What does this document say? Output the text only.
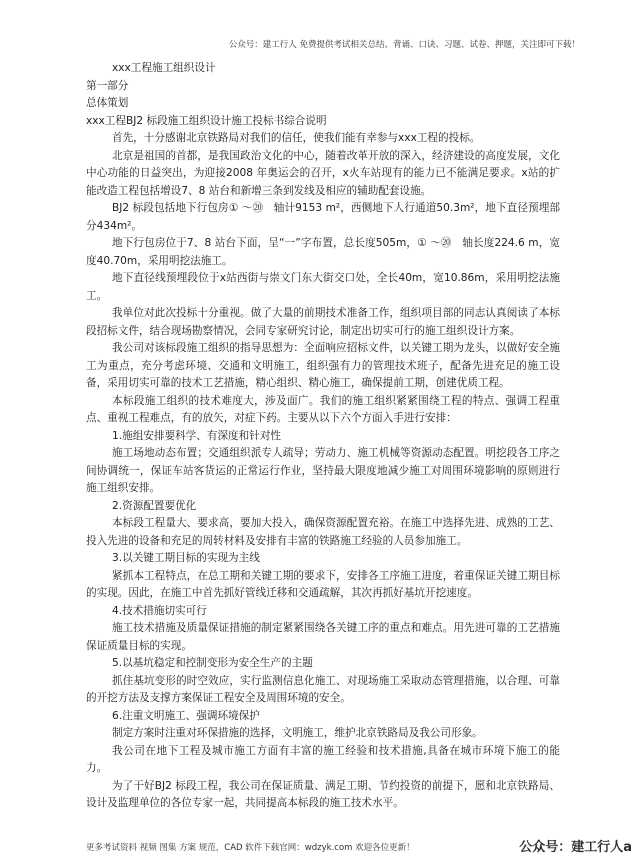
公众号：建工行人 免费提供考试相关总结、背诵、口诀、习题、试卷、押题，关注即可下载！

xxx工程施工组织设计

第一部分

总体策划

xxx工程BJ2 标段施工组织设计施工投标书综合说明

首先，十分感谢北京铁路局对我们的信任，使我们能有幸参与xxx工程的投标。

北京是祖国的首都，是我国政治文化的中心，随着改革开放的深入，经济建设的高度发展，文化中心功能的日益突出，为迎接2008 年奥运会的召开，x火车站现有的能力已不能满足要求。x站的扩能改造工程包括增设7、8 站台和新增三条到发线及相应的辅助配套设施。

BJ2 标段包括地下行包房① ～⑳　轴计9153 m²，西侧地下人行通道50.3m²，地下直径预埋部分434m²。

地下行包房位于7、8 站台下面，呈“一”字布置，总长度505m，① ～⑳　轴长度224.6 m，宽度40.70m，采用明挖法施工。

地下直径线预埋段位于x站西街与崇文门东大街交口处，全长40m，宽10.86m，采用明挖法施工。

我单位对此次投标十分重视。做了大量的前期技术准备工作，组织项目部的同志认真阅读了本标段招标文件，结合现场勘察情况，会同专家研究讨论，制定出切实可行的施工组织设计方案。

我公司对该标段施工组织的指导思想为：全面响应招标文件，以关键工期为龙头，以做好安全施工为重点，充分考虑环境、交通和文明施工，组织强有力的管理技术班子，配备先进充足的施工设备，采用切实可靠的技术工艺措施，精心组织、精心施工，确保提前工期，创建优质工程。

本标段施工组织的技术难度大，涉及面广。我们的施工组织紧紧围绕工程的特点、强调工程重点、重视工程难点，有的放矢，对症下药。主要从以下六个方面入手进行安排：

1.施组安排要科学、有深度和针对性

施工场地动态布置；交通组织派专人疏导；劳动力、施工机械等资源动态配置。明挖段各工序之间协调统一，保证车站客货运的正常运行作业，坚持最大限度地减少施工对周围环境影响的原则进行施工组织安排。

2.资源配置要优化

本标段工程量大、要求高，要加大投入，确保资源配置充裕。在施工中选择先进、成熟的工艺、投入先进的设备和充足的周转材料及安排有丰富的铁路施工经验的人员参加施工。

3.以关键工期目标的实现为主线

紧抓本工程特点，在总工期和关键工期的要求下，安排各工序施工进度，着重保证关键工期目标的实现。因此，在施工中首先抓好管线迁移和交通疏解，其次再抓好基坑开挖速度。

4.技术措施切实可行

施工技术措施及质量保证措施的制定紧紧围绕各关键工序的重点和难点。用先进可靠的工艺措施保证质量目标的实现。

5.以基坑稳定和控制变形为安全生产的主题

抓住基坑变形的时空效应，实行监测信息化施工、对现场施工采取动态管理措施，以合理、可靠的开挖方法及支撑方案保证工程安全及周围环境的安全。

6.注重文明施工、强调环境保护

制定方案时注重对环保措施的选择，文明施工，维护北京铁路局及我公司形象。

我公司在地下工程及城市施工方面有丰富的施工经验和技术措施,具备在城市环境下施工的能力。

为了干好BJ2 标段工程，我公司在保证质量、满足工期、节约投资的前提下，愿和北京铁路局、设计及监理单位的各位专家一起，共同提高本标段的施工技术水平。

更多考试资料 视频 图集 方案 规范，CAD 软件下载官网：wdzyk.com 欢迎各位更新！	公众号：建工行人a
